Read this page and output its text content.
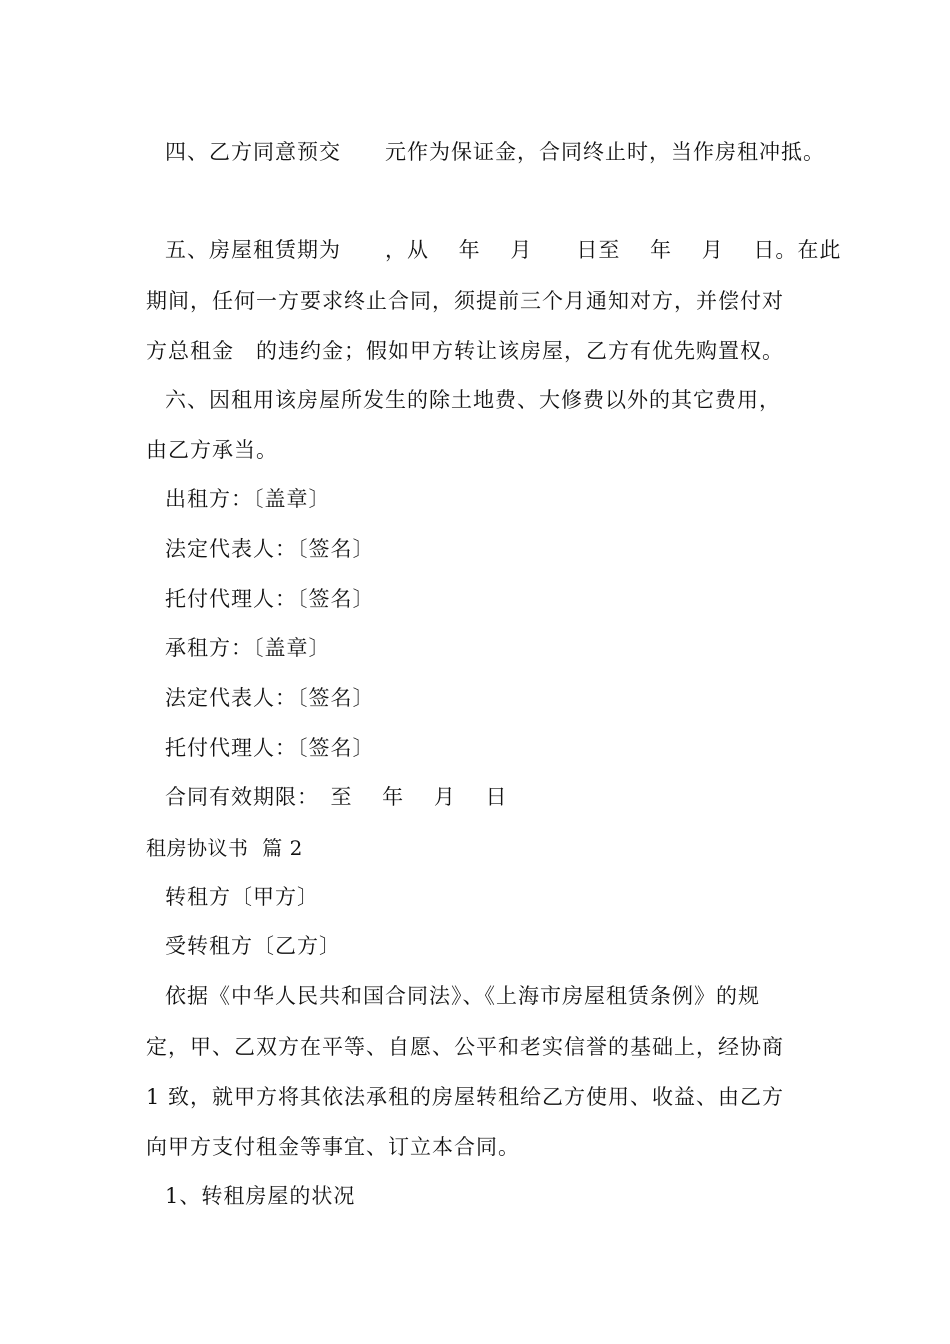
四、乙方同意预交　　元作为保证金，合同终止时，当作房租冲抵。
五、房屋租赁期为　　，从　 年　 月　　日至　 年　 月　 日。在此
期间，任何一方要求终止合同，须提前三个月通知对方，并偿付对
方总租金　的违约金；假如甲方转让该房屋，乙方有优先购置权。
六、因租用该房屋所发生的除土地费、大修费以外的其它费用，
由乙方承当。
出租方：〔盖章〕
法定代表人：〔签名〕
托付代理人：〔签名〕
承租方：〔盖章〕
法定代表人：〔签名〕
托付代理人：〔签名〕
合同有效期限：　至　 年　 月　 日
租房协议书  篇 2
转租方〔甲方〕
受转租方〔乙方〕
依据《中华人民共和国合同法》、《上海市房屋租赁条例》的规
定，甲、乙双方在平等、自愿、公平和老实信誉的基础上，经协商
1 致，就甲方将其依法承租的房屋转租给乙方使用、收益、由乙方
向甲方支付租金等事宜、订立本合同。
1、转租房屋的状况
